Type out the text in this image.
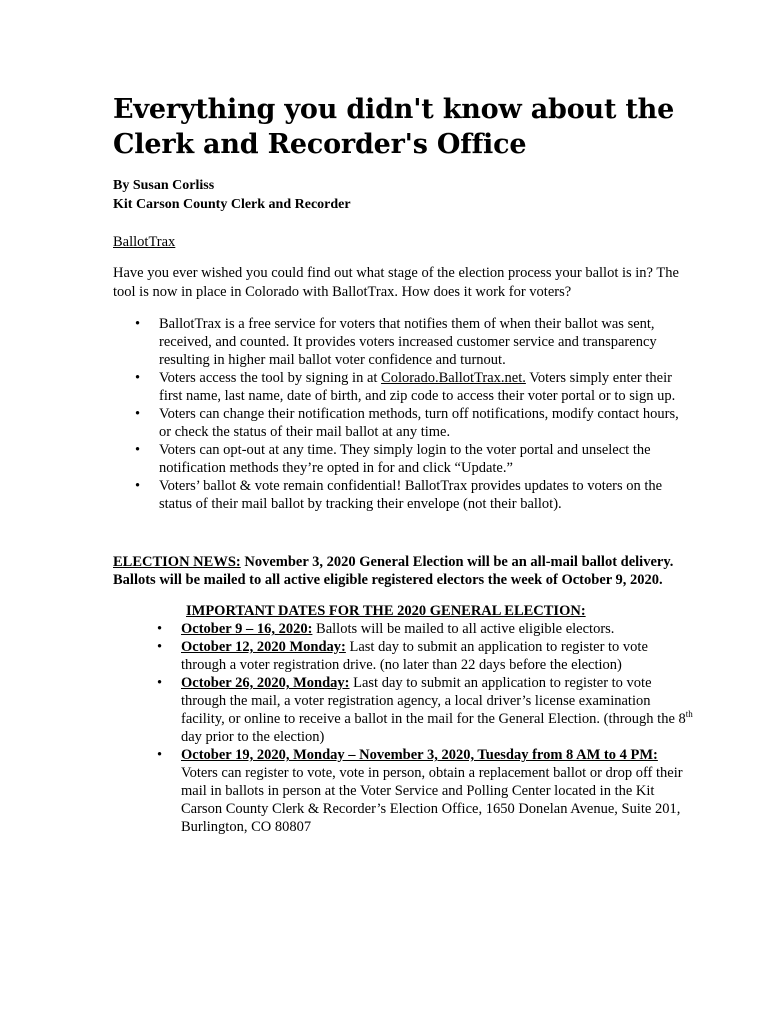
Everything you didn't know about the Clerk and Recorder's Office

By Susan Corliss

Kit Carson County Clerk and Recorder

BallotTrax

Have you ever wished you could find out what stage of the election process your ballot is in? The tool is now in place in Colorado with BallotTrax. How does it work for voters?

• BallotTrax is a free service for voters that notifies them of when their ballot was sent, received, and counted. It provides voters increased customer service and transparency resulting in higher mail ballot voter confidence and turnout.
• Voters access the tool by signing in at Colorado.BallotTrax.net. Voters simply enter their first name, last name, date of birth, and zip code to access their voter portal or to sign up.
• Voters can change their notification methods, turn off notifications, modify contact hours, or check the status of their mail ballot at any time.
• Voters can opt-out at any time. They simply login to the voter portal and unselect the notification methods they’re opted in for and click “Update.”
• Voters’ ballot & vote remain confidential! BallotTrax provides updates to voters on the status of their mail ballot by tracking their envelope (not their ballot).

ELECTION NEWS: November 3, 2020 General Election will be an all-mail ballot delivery. Ballots will be mailed to all active eligible registered electors the week of October 9, 2020.

IMPORTANT DATES FOR THE 2020 GENERAL ELECTION:

• October 9 – 16, 2020: Ballots will be mailed to all active eligible electors.
• October 12, 2020 Monday: Last day to submit an application to register to vote through a voter registration drive. (no later than 22 days before the election)
• October 26, 2020, Monday: Last day to submit an application to register to vote through the mail, a voter registration agency, a local driver’s license examination facility, or online to receive a ballot in the mail for the General Election. (through the 8th day prior to the election)
• October 19, 2020, Monday – November 3, 2020, Tuesday from 8 AM to 4 PM: Voters can register to vote, vote in person, obtain a replacement ballot or drop off their mail in ballots in person at the Voter Service and Polling Center located in the Kit Carson County Clerk & Recorder’s Election Office, 1650 Donelan Avenue, Suite 201, Burlington, CO 80807
